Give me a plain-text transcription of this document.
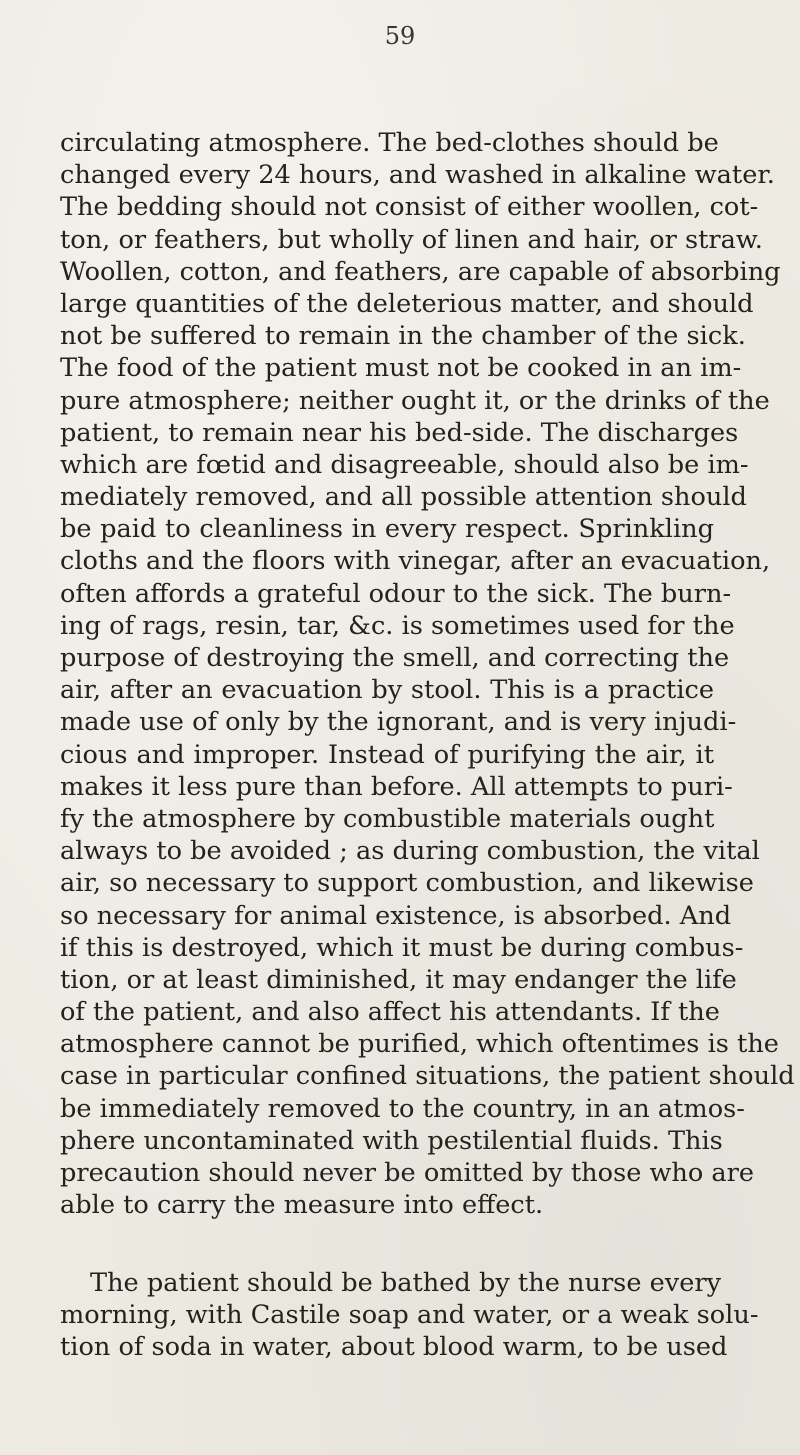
59
circulating atmosphere. The bed-clothes should be
changed every 24 hours, and washed in alkaline water.
The bedding should not consist of either woollen, cot-
ton, or feathers, but wholly of linen and hair, or straw.
Woollen, cotton, and feathers, are capable of absorbing
large quantities of the deleterious matter, and should
not be suffered to remain in the chamber of the sick.
The food of the patient must not be cooked in an im-
pure atmosphere; neither ought it, or the drinks of the
patient, to remain near his bed-side. The discharges
which are fœtid and disagreeable, should also be im-
mediately removed, and all possible attention should
be paid to cleanliness in every respect. Sprinkling
cloths and the floors with vinegar, after an evacuation,
often affords a grateful odour to the sick. The burn-
ing of rags, resin, tar, &c. is sometimes used for the
purpose of destroying the smell, and correcting the
air, after an evacuation by stool. This is a practice
made use of only by the ignorant, and is very injudi-
cious and improper. Instead of purifying the air, it
makes it less pure than before. All attempts to puri-
fy the atmosphere by combustible materials ought
always to be avoided ; as during combustion, the vital
air, so necessary to support combustion, and likewise
so necessary for animal existence, is absorbed. And
if this is destroyed, which it must be during combus-
tion, or at least diminished, it may endanger the life
of the patient, and also affect his attendants. If the
atmosphere cannot be purified, which oftentimes is the
case in particular confined situations, the patient should
be immediately removed to the country, in an atmos-
phere uncontaminated with pestilential fluids. This
precaution should never be omitted by those who are
able to carry the measure into effect.
The patient should be bathed by the nurse every
morning, with Castile soap and water, or a weak solu-
tion of soda in water, about blood warm, to be used
